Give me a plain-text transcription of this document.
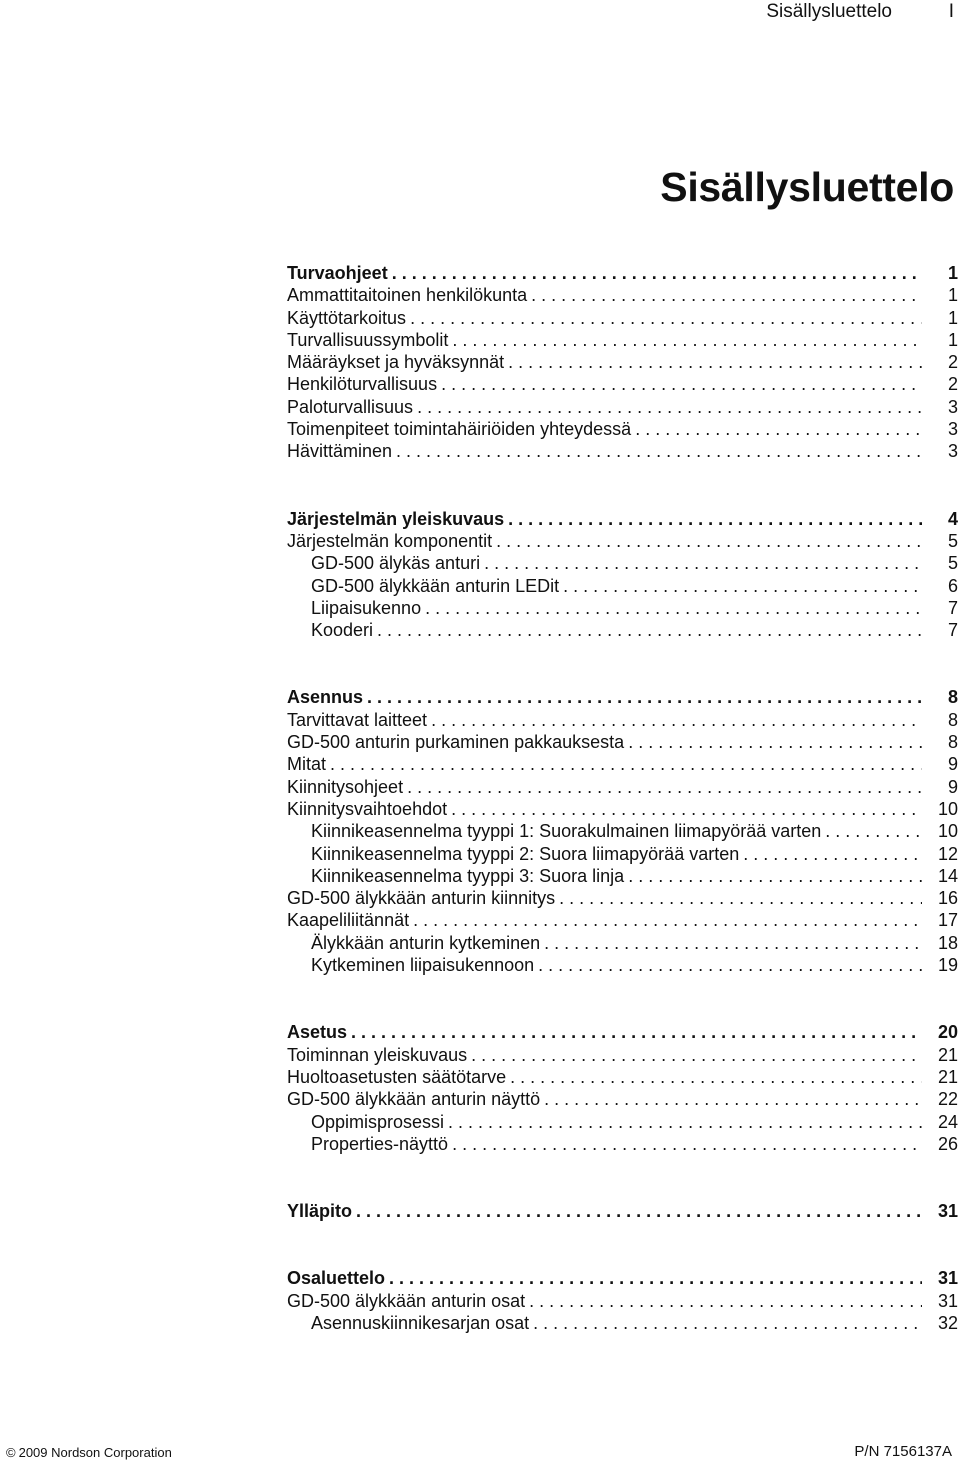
Sisällysluettelo	I
Sisällysluettelo
Turvaohjeet . . .	1
Ammattitaitoinen henkilökunta . . .	1
Käyttötarkoitus . . .	1
Turvallisuussymbolit . . .	1
Määräykset ja hyväksynnät . . .	2
Henkilöturvallisuus . . .	2
Paloturvallisuus . . .	3
Toimenpiteet toimintahäiriöiden yhteydessä . . .	3
Hävittäminen . . .	3
Järjestelmän yleiskuvaus . . .	4
Järjestelmän komponentit . . .	5
GD-500 älykäs anturi . . .	5
GD-500 älykkään anturin LEDit . . .	6
Liipaisukenno . . .	7
Kooderi . . .	7
Asennus . . .	8
Tarvittavat laitteet . . .	8
GD-500 anturin purkaminen pakkauksesta . . .	8
Mitat . . .	9
Kiinnitysohjeet . . .	9
Kiinnitysvaihtoehdot . . .	10
Kiinnikeasennelma tyyppi 1: Suorakulmainen liimapyörää varten . . .	10
Kiinnikeasennelma tyyppi 2: Suora liimapyörää varten . . .	12
Kiinnikeasennelma tyyppi 3: Suora linja . . .	14
GD-500 älykkään anturin kiinnitys . . .	16
Kaapeliliitännät . . .	17
Älykkään anturin kytkeminen . . .	18
Kytkeminen liipaisukennoon . . .	19
Asetus . . .	20
Toiminnan yleiskuvaus . . .	21
Huoltoasetusten säätötarve . . .	21
GD-500 älykkään anturin näyttö . . .	22
Oppimisprosessi . . .	24
Properties-näyttö . . .	26
Ylläpito . . .	31
Osaluettelo . . .	31
GD-500 älykkään anturin osat . . .	31
Asennuskiinnikesarjan osat . . .	32
© 2009 Nordson Corporation	P/N 7156137A
